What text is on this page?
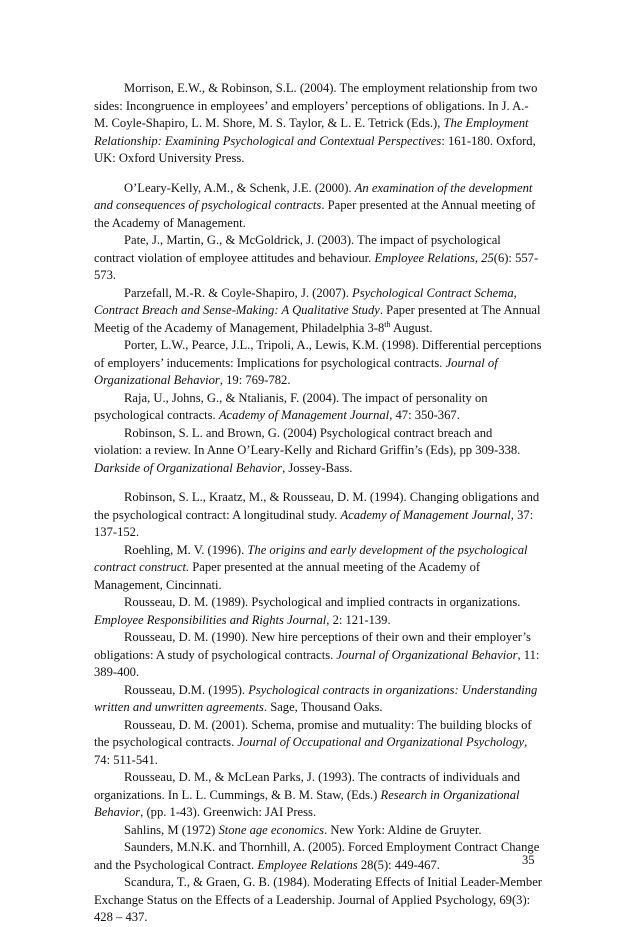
Morrison, E.W., & Robinson, S.L. (2004). The employment relationship from two sides: Incongruence in employees’ and employers’ perceptions of obligations. In J. A.-M. Coyle-Shapiro, L. M. Shore, M. S. Taylor, & L. E. Tetrick (Eds.), The Employment Relationship: Examining Psychological and Contextual Perspectives: 161-180. Oxford, UK: Oxford University Press.

O’Leary-Kelly, A.M., & Schenk, J.E. (2000). An examination of the development and consequences of psychological contracts. Paper presented at the Annual meeting of the Academy of Management.

Pate, J., Martin, G., & McGoldrick, J. (2003). The impact of psychological contract violation of employee attitudes and behaviour. Employee Relations, 25(6): 557-573.

Parzefall, M.-R. & Coyle-Shapiro, J. (2007). Psychological Contract Schema, Contract Breach and Sense-Making: A Qualitative Study. Paper presented at The Annual Meetig of the Academy of Management, Philadelphia 3-8th August.

Porter, L.W., Pearce, J.L., Tripoli, A., Lewis, K.M. (1998). Differential perceptions of employers’ inducements: Implications for psychological contracts. Journal of Organizational Behavior, 19: 769-782.

Raja, U., Johns, G., & Ntalianis, F. (2004). The impact of personality on psychological contracts. Academy of Management Journal, 47: 350-367.

Robinson, S. L. and Brown, G. (2004) Psychological contract breach and violation: a review. In Anne O’Leary-Kelly and Richard Griffin’s (Eds), pp 309-338. Darkside of Organizational Behavior, Jossey-Bass.

Robinson, S. L., Kraatz, M., & Rousseau, D. M. (1994). Changing obligations and the psychological contract: A longitudinal study. Academy of Management Journal, 37: 137-152.

Roehling, M. V. (1996). The origins and early development of the psychological contract construct. Paper presented at the annual meeting of the Academy of Management, Cincinnati.

Rousseau, D. M. (1989). Psychological and implied contracts in organizations. Employee Responsibilities and Rights Journal, 2: 121-139.

Rousseau, D. M. (1990). New hire perceptions of their own and their employer’s obligations: A study of psychological contracts. Journal of Organizational Behavior, 11: 389-400.

Rousseau, D.M. (1995). Psychological contracts in organizations: Understanding written and unwritten agreements. Sage, Thousand Oaks.

Rousseau, D. M. (2001). Schema, promise and mutuality: The building blocks of the psychological contracts. Journal of Occupational and Organizational Psychology, 74: 511-541.

Rousseau, D. M., & McLean Parks, J. (1993). The contracts of individuals and organizations. In L. L. Cummings, & B. M. Staw, (Eds.) Research in Organizational Behavior, (pp. 1-43). Greenwich: JAI Press.

Sahlins, M (1972) Stone age economics. New York: Aldine de Gruyter.

Saunders, M.N.K. and Thornhill, A. (2005). Forced Employment Contract Change and the Psychological Contract. Employee Relations 28(5): 449-467.

Scandura, T., & Graen, G. B. (1984). Moderating Effects of Initial Leader-Member Exchange Status on the Effects of a Leadership. Journal of Applied Psychology, 69(3): 428 – 437.

35
